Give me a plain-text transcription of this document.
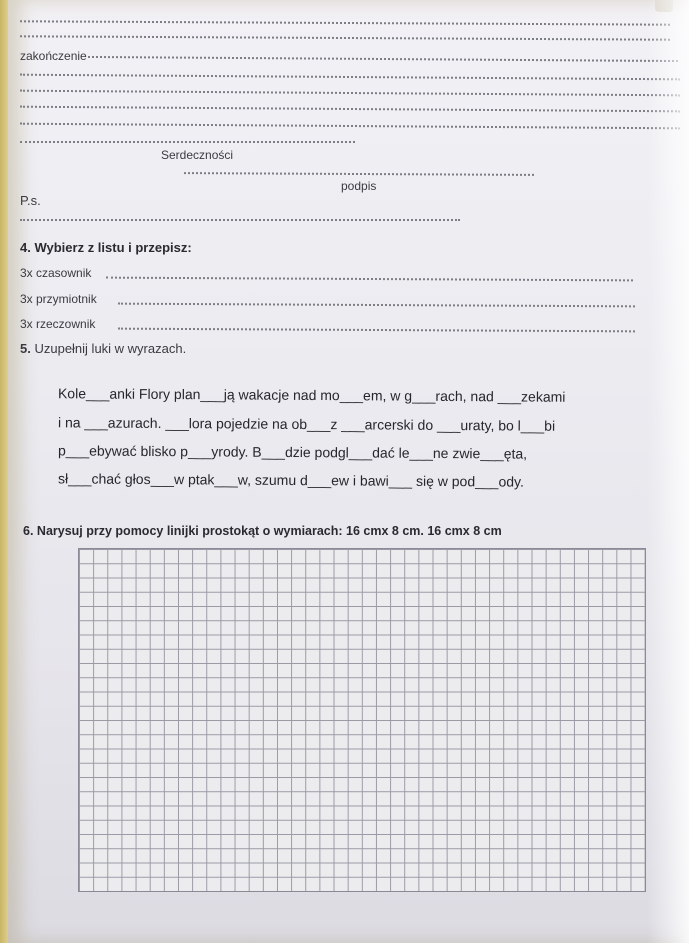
zakończenie
Serdeczności
podpis
P.s.
4. Wybierz z listu i przepisz:
3x czasownik
3x przymiotnik
3x rzeczownik
5. Uzupełnij luki w wyrazach.
Kole___anki Flory plan___ją wakacje nad mo___em, w g___rach, nad ___zekami
i na ___azurach. ___lora pojedzie na ob___z ___arcerski do ___uraty, bo l___bi
p___ebywać blisko p___yrody. B___dzie podgl___dać le___ne zwie___ęta,
sł___chać głos___w ptak___w, szumu d___ew i bawi___ się w pod___ody.
6. Narysuj przy pomocy linijki prostokąt o wymiarach: 16 cmx 8 cm. 16 cmx 8 cm
